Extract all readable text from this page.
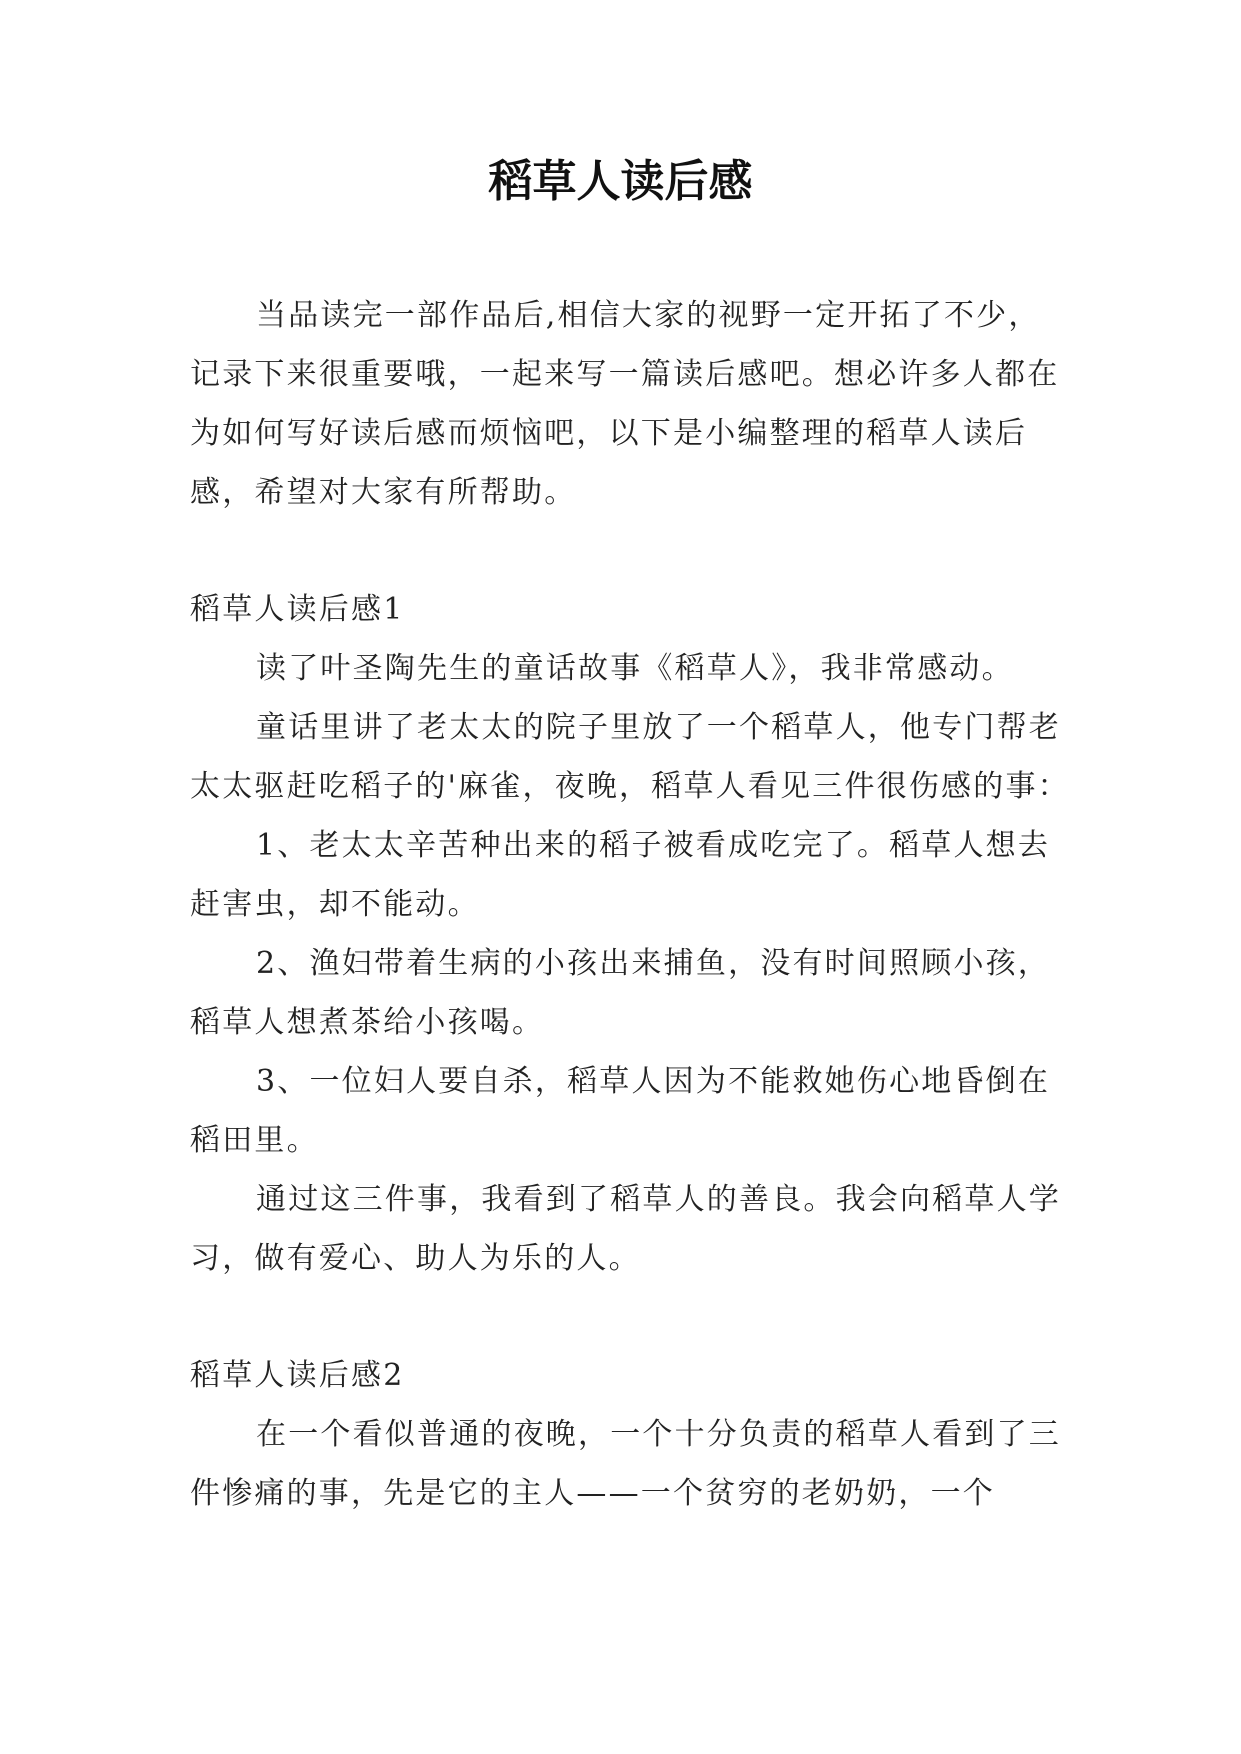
稻草人读后感

当品读完一部作品后,相信大家的视野一定开拓了不少，记录下来很重要哦，一起来写一篇读后感吧。想必许多人都在为如何写好读后感而烦恼吧，以下是小编整理的稻草人读后感，希望对大家有所帮助。

稻草人读后感1

读了叶圣陶先生的童话故事《稻草人》，我非常感动。

童话里讲了老太太的院子里放了一个稻草人，他专门帮老太太驱赶吃稻子的'麻雀，夜晚，稻草人看见三件很伤感的事：

1、老太太辛苦种出来的稻子被看成吃完了。稻草人想去赶害虫，却不能动。

2、渔妇带着生病的小孩出来捕鱼，没有时间照顾小孩，稻草人想煮茶给小孩喝。

3、一位妇人要自杀，稻草人因为不能救她伤心地昏倒在稻田里。

通过这三件事，我看到了稻草人的善良。我会向稻草人学习，做有爱心、助人为乐的人。

稻草人读后感2

在一个看似普通的夜晚，一个十分负责的稻草人看到了三件惨痛的事，先是它的主人——一个贫穷的老奶奶，一个
